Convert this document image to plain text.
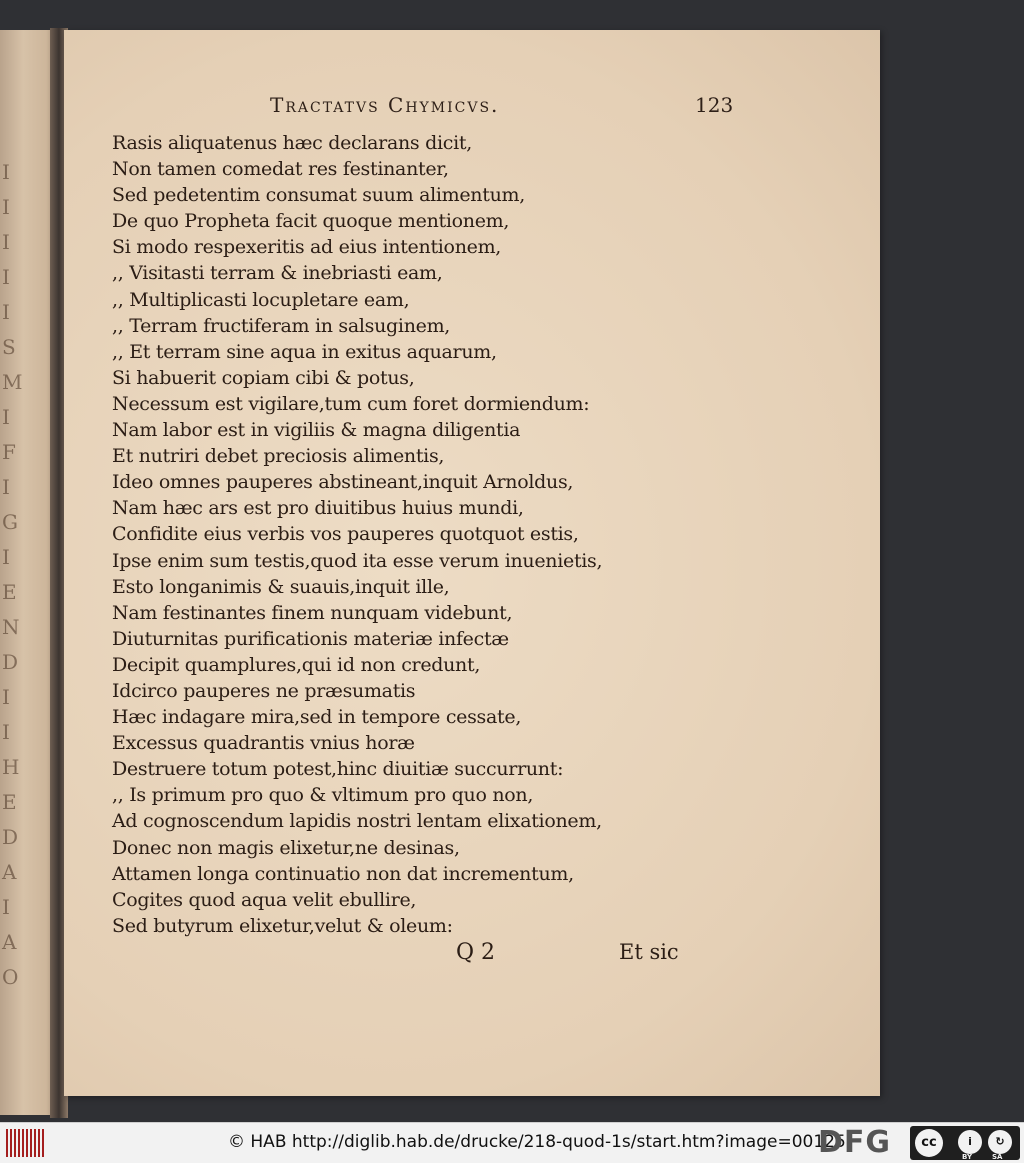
I
I
I
I
I
S
M
I
F
I
G
I
E
N
D
I
I
H
E
D
A
I
A
O
Tractatvs Chymicvs.	123
Rasis aliquatenus hæc declarans dicit,
Non tamen comedat res festinanter,
Sed pedetentim consumat suum alimentum,
De quo Propheta facit quoque mentionem,
Si modo respexeritis ad eius intentionem,
,, Visitasti terram & inebriasti eam,
,, Multiplicasti locupletare eam,
,, Terram fructiferam in salsuginem,
,, Et terram sine aqua in exitus aquarum,
Si habuerit copiam cibi & potus,
Necessum est vigilare,tum cum foret dormiendum:
Nam labor est in vigiliis & magna diligentia
Et nutriri debet preciosis alimentis,
Ideo omnes pauperes abstineant,inquit Arnoldus,
Nam hæc ars est pro diuitibus huius mundi,
Confidite eius verbis vos pauperes quotquot estis,
Ipse enim sum testis,quod ita esse verum inuenietis,
Esto longanimis & suauis,inquit ille,
Nam festinantes finem nunquam videbunt,
Diuturnitas purificationis materiæ infectæ
Decipit quamplures,qui id non credunt,
Idcirco pauperes ne præsumatis
Hæc indagare mira,sed in tempore cessate,
Excessus quadrantis vnius horæ
Destruere totum potest,hinc diuitiæ succurrunt:
,, Is primum pro quo & vltimum pro quo non,
Ad cognoscendum lapidis nostri lentam elixationem,
Donec non magis elixetur,ne desinas,
Attamen longa continuatio non dat incrementum,
Cogites quod aqua velit ebullire,
Sed butyrum elixetur,velut & oleum:
Q 2	Et sic
© HAB http://diglib.hab.de/drucke/218-quod-1s/start.htm?image=00125
DFG	cc	i	↻
BY	SA
